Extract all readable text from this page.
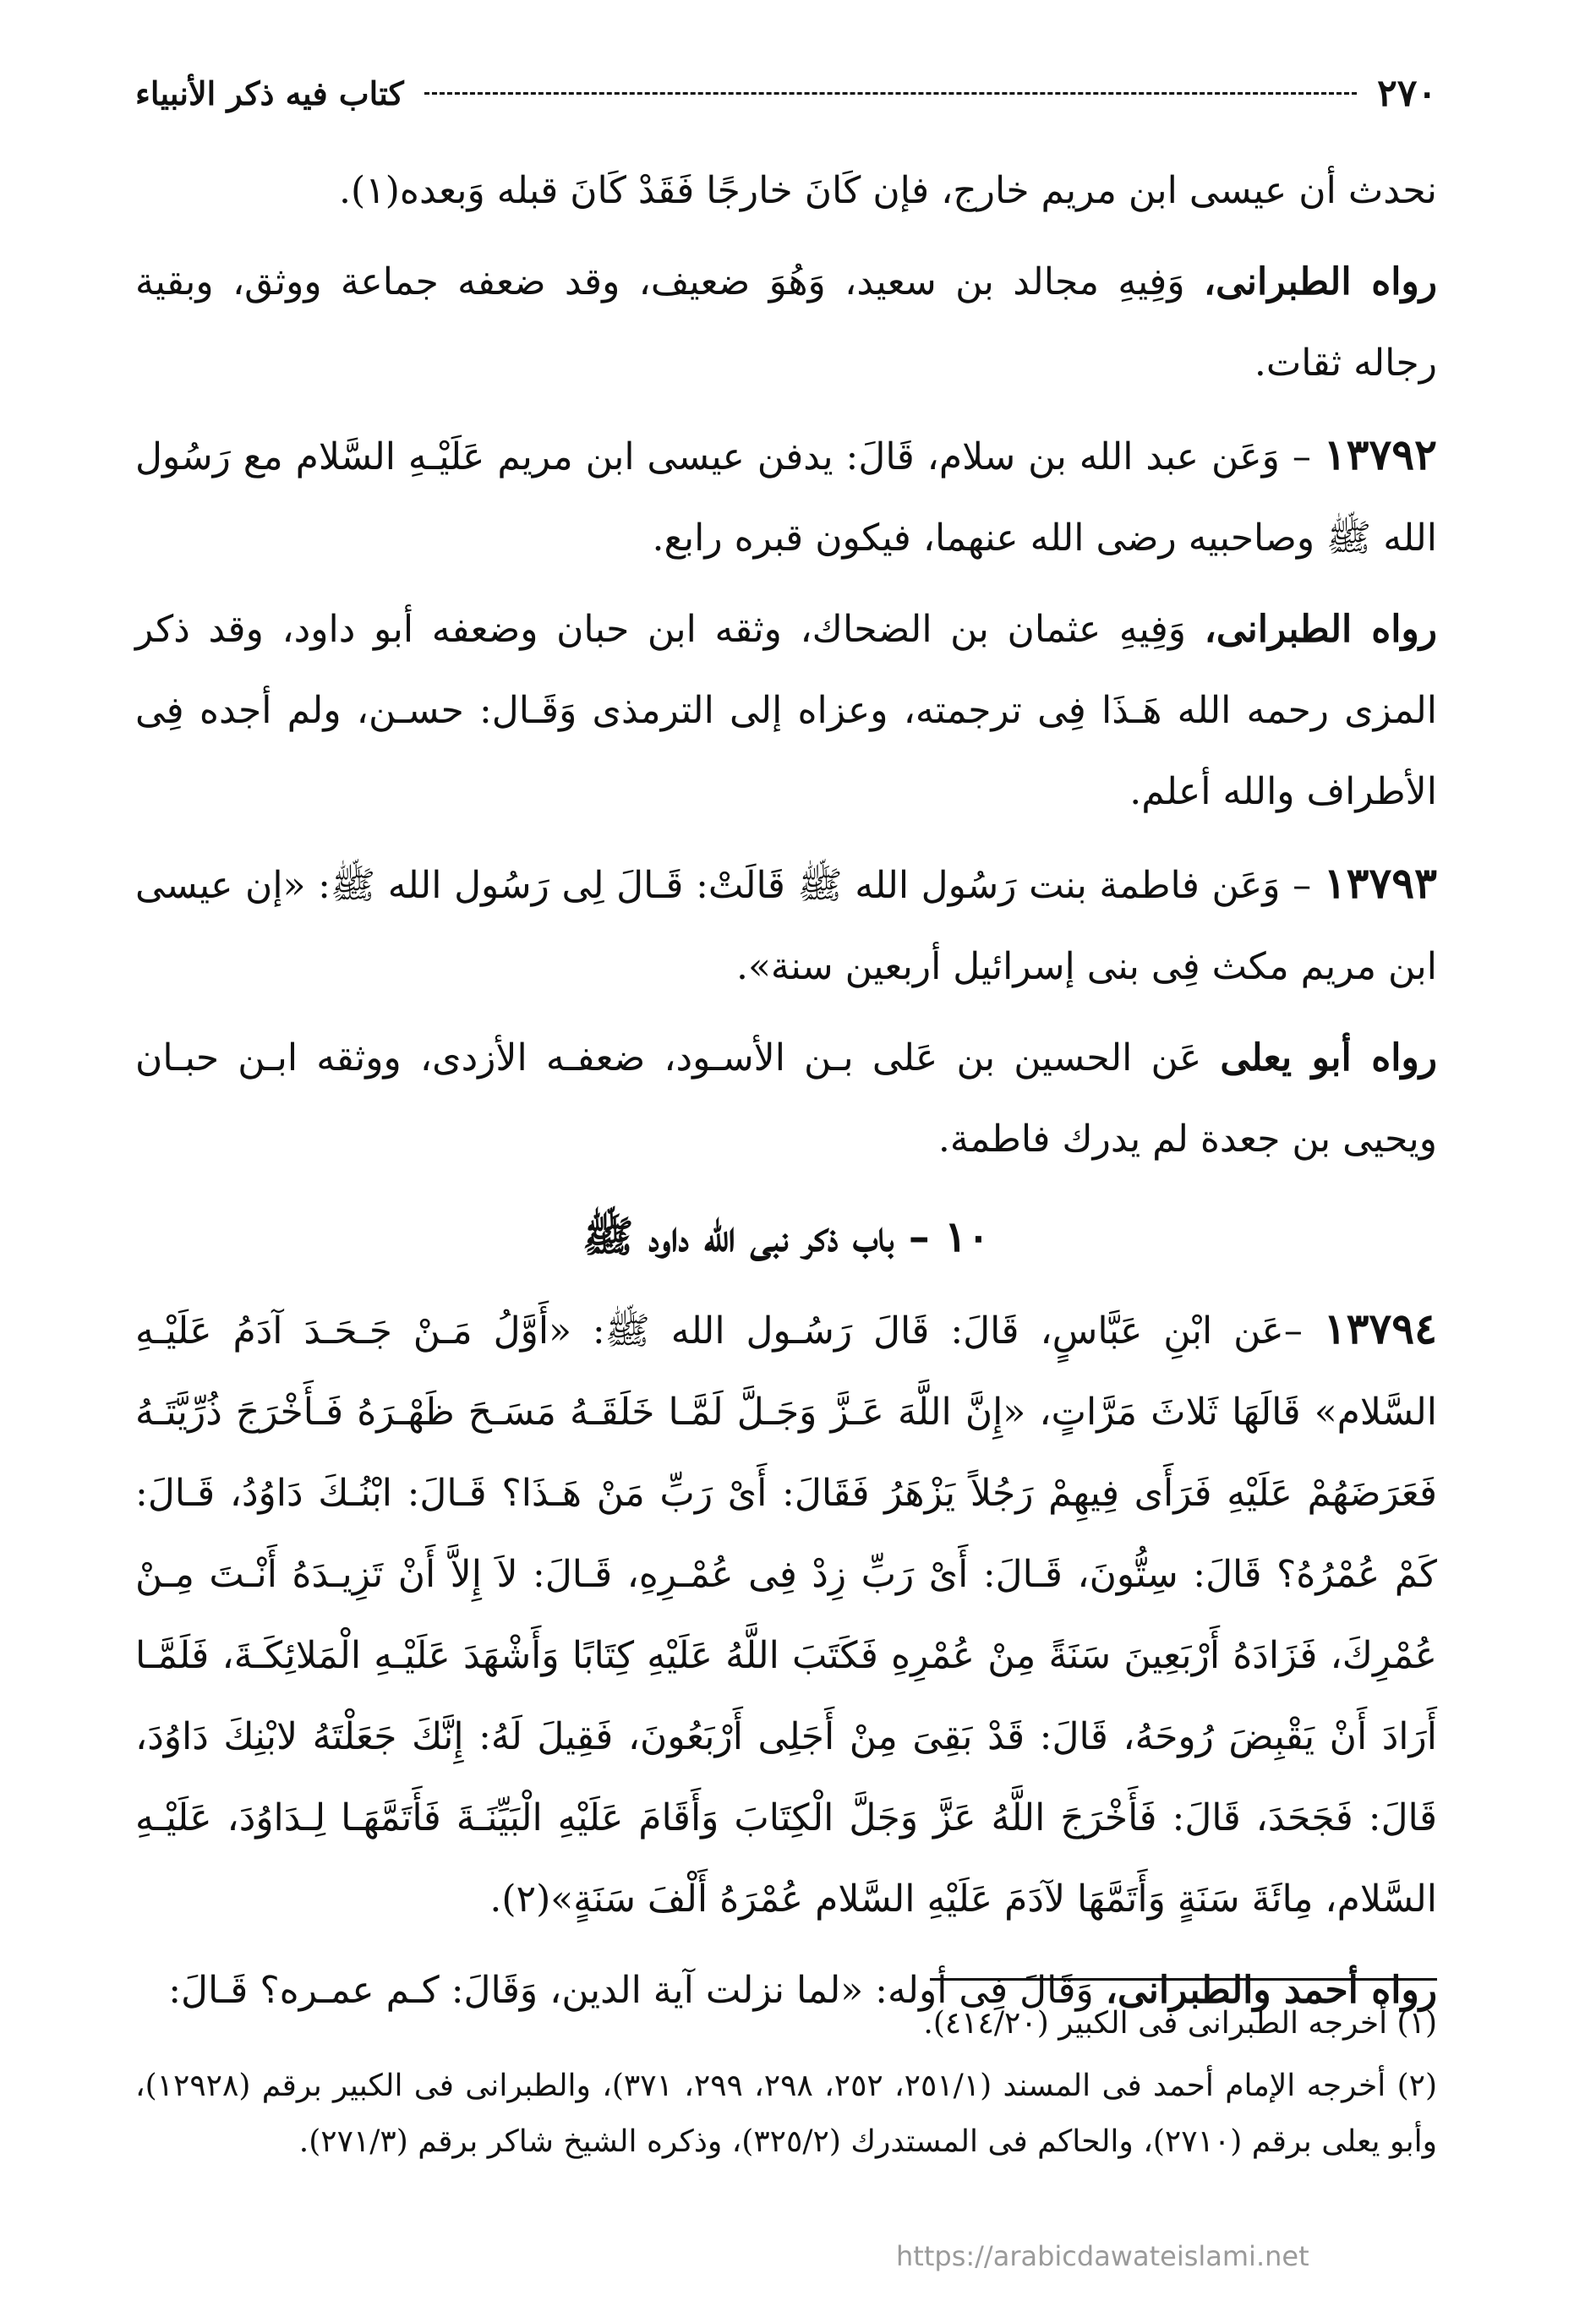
٢٧٠
كتاب فيه ذكر الأنبياء

نحدث أن عيسى ابن مريم خارج، فإن كَانَ خارجًا فَقَدْ كَانَ قبله وَبعده(١).

رواه الطبرانى، وَفِيهِ مجالد بن سعيد، وَهُوَ ضعيف، وقد ضعفه جماعة ووثق، وبقية رجاله ثقات.

١٣٧٩٢ – وَعَن عبد الله بن سلام، قَالَ: يدفن عيسى ابن مريم عَلَيْـهِ السَّلام مع رَسُول الله ﷺ وصاحبيه رضى الله عنهما، فيكون قبره رابع.

رواه الطبرانى، وَفِيهِ عثمان بن الضحاك، وثقه ابن حبان وضعفه أبو داود، وقد ذكر المزى رحمه الله هَـذَا فِى ترجمته، وعزاه إلى الترمذى وَقَـال: حسـن، ولم أجده فِى الأطراف والله أعلم.

١٣٧٩٣ – وَعَن فاطمة بنت رَسُول الله ﷺ قَالَتْ: قَـالَ لِى رَسُول الله ﷺ: «إن عيسى ابن مريم مكث فِى بنى إسرائيل أربعين سنة».

رواه أبو يعلى عَن الحسين بن عَلى بـن الأسـود، ضعفـه الأزدى، ووثقه ابـن حبـان ويحيى بن جعدة لم يدرك فاطمة.

١٠ – باب ذكر نبى الله داود ﷺ

١٣٧٩٤ –عَن ابْنِ عَبَّاسٍ، قَالَ: قَالَ رَسُـول الله ﷺ: «أَوَّلُ مَـنْ جَـحَـدَ آدَمُ عَلَيْـهِ السَّلام» قَالَهَا ثَلاثَ مَرَّاتٍ، «إِنَّ اللَّهَ عَـزَّ وَجَـلَّ لَمَّـا خَلَقَـهُ مَسَـحَ ظَهْـرَهُ فَـأَخْرَجَ ذُرِّيَّتَـهُ فَعَرَضَهُمْ عَلَيْهِ فَرَأَى فِيهِمْ رَجُلاً يَزْهَرُ فَقَالَ: أَىْ رَبِّ مَنْ هَـذَا؟ قَـالَ: ابْنُـكَ دَاوُدُ، قَـالَ: كَمْ عُمْرُهُ؟ قَالَ: سِتُّونَ، قَـالَ: أَىْ رَبِّ زِدْ فِى عُمْـرِهِ، قَـالَ: لاَ إِلاَّ أَنْ تَزِيـدَهُ أَنْـتَ مِـنْ عُمْرِكَ، فَزَادَهُ أَرْبَعِينَ سَنَةً مِنْ عُمْرِهِ فَكَتَبَ اللَّهُ عَلَيْهِ كِتَابًا وَأَشْهَدَ عَلَيْـهِ الْمَلائِكَـةَ، فَلَمَّـا أَرَادَ أَنْ يَقْبِضَ رُوحَهُ، قَالَ: قَدْ بَقِىَ مِنْ أَجَلِى أَرْبَعُونَ، فَقِيلَ لَهُ: إِنَّكَ جَعَلْتَهُ لابْنِكَ دَاوُدَ، قَالَ: فَجَحَدَ، قَالَ: فَأَخْرَجَ اللَّهُ عَزَّ وَجَلَّ الْكِتَابَ وَأَقَامَ عَلَيْهِ الْبَيِّنَـةَ فَأَتَمَّهَـا لِـدَاوُدَ، عَلَيْـهِ السَّلام، مِائَةَ سَنَةٍ وَأَتَمَّهَا لآدَمَ عَلَيْهِ السَّلام عُمْرَهُ أَلْفَ سَنَةٍ»(٢).

رواه أحمد والطبرانى، وَقَالَ فِى أوله: «لما نزلت آية الدين، وَقَالَ: كـم عمـره؟ قَـالَ:

(١) أخرجه الطبرانى فى الكبير (٤١٤/٢٠).

(٢) أخرجه الإمام أحمد فى المسند (٢٥١/١، ٢٥٢، ٢٩٨، ٢٩٩، ٣٧١)، والطبرانى فى الكبير برقم (١٢٩٢٨)، وأبو يعلى برقم (٢٧١٠)، والحاكم فى المستدرك (٣٢٥/٢)، وذكره الشيخ شاكر برقم (٢٧١/٣).

https://arabicdawateislami.net
